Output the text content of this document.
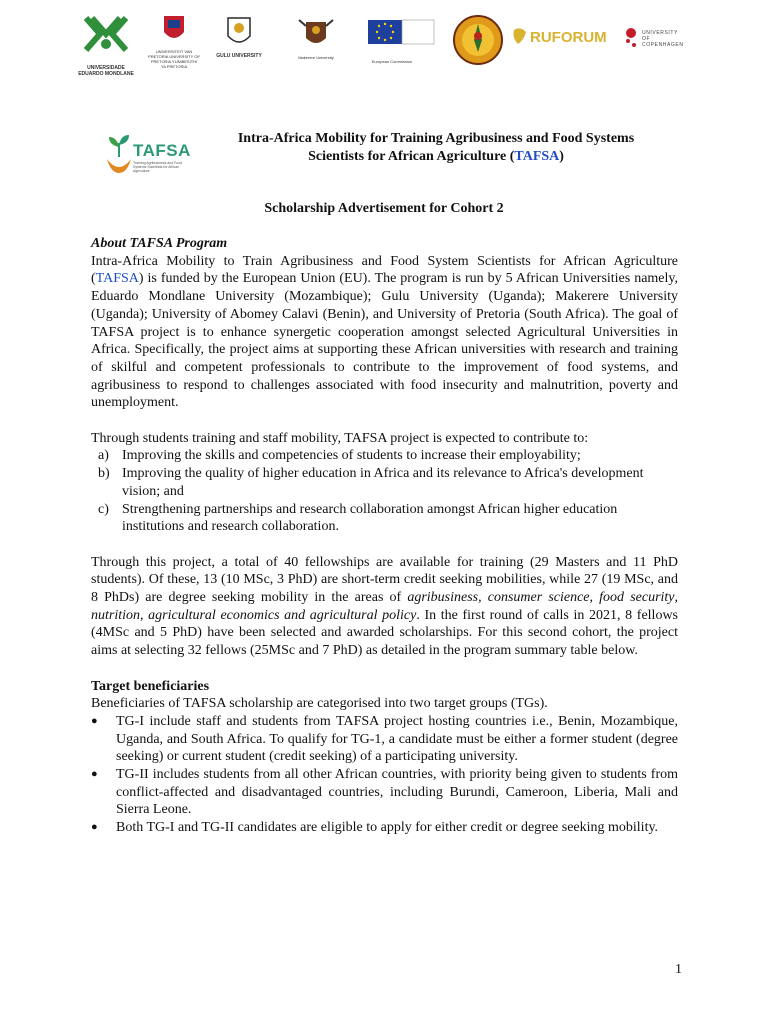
UNIVERSIDADE EDUARDO MONDLANE
UNIVERSITEIT VAN PRETORIA UNIVERSITY OF PRETORIA YUNIBESITHI YA PRETORIA
GULU UNIVERSITY	Makerere University
European Commission
RUFORUM	UNIVERSITY OF COPENHAGEN
TAFSA
Training Agribusiness and Food Systems Scientists for African Agriculture
Intra-Africa Mobility for Training Agribusiness and Food Systems
Scientists for African Agriculture (TAFSA)
Scholarship Advertisement for Cohort 2

About TAFSA Program

Intra-Africa Mobility to Train Agribusiness and Food System Scientists for African Agriculture (TAFSA) is funded by the European Union (EU). The program is run by 5 African Universities namely, Eduardo Mondlane University (Mozambique); Gulu University (Uganda); Makerere University (Uganda); University of Abomey Calavi (Benin), and University of Pretoria (South Africa). The goal of TAFSA project is to enhance synergetic cooperation amongst selected Agricultural Universities in Africa. Specifically, the project aims at supporting these African universities with research and training of skilful and competent professionals to contribute to the improvement of food systems, and agribusiness to respond to challenges associated with food insecurity and malnutrition, poverty and unemployment.

Through students training and staff mobility, TAFSA project is expected to contribute to:

a) Improving the skills and competencies of students to increase their employability;
b) Improving the quality of higher education in Africa and its relevance to Africa's development vision; and
c) Strengthening partnerships and research collaboration amongst African higher education institutions and research collaboration.

Through this project, a total of 40 fellowships are available for training (29 Masters and 11 PhD students). Of these, 13 (10 MSc, 3 PhD) are short-term credit seeking mobilities, while 27 (19 MSc, and 8 PhDs) are degree seeking mobility in the areas of agribusiness, consumer science, food security, nutrition, agricultural economics and agricultural policy. In the first round of calls in 2021, 8 fellows (4MSc and 5 PhD) have been selected and awarded scholarships. For this second cohort, the project aims at selecting 32 fellows (25MSc and 7 PhD) as detailed in the program summary table below.

Target beneficiaries

Beneficiaries of TAFSA scholarship are categorised into two target groups (TGs).

●	TG-I include staff and students from TAFSA project hosting countries i.e., Benin, Mozambique, Uganda, and South Africa. To qualify for TG-1, a candidate must be either a former student (degree seeking) or current student (credit seeking) of a participating university.
●	TG-II includes students from all other African countries, with priority being given to students from conflict-affected and disadvantaged countries, including Burundi, Cameroon, Liberia, Mali and Sierra Leone.
●	Both TG-I and TG-II candidates are eligible to apply for either credit or degree seeking mobility.
1
